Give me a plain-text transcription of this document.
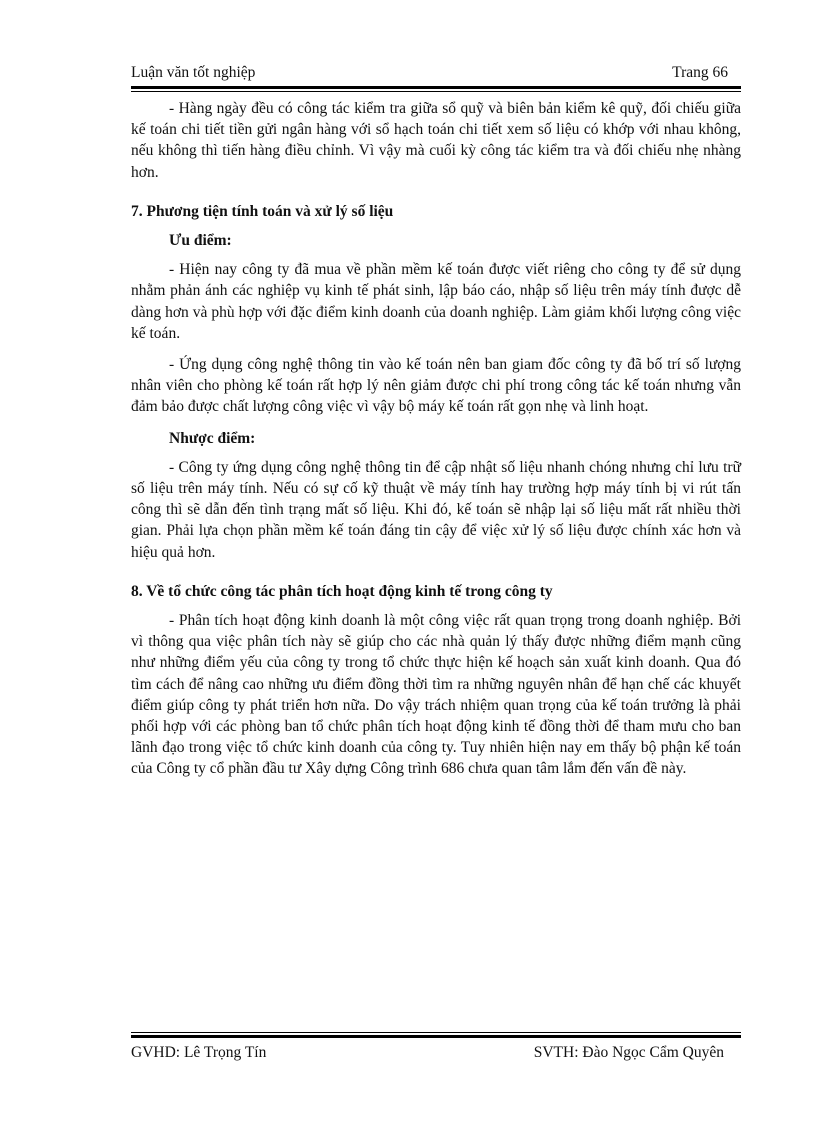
Luận văn tốt nghiệp	Trang 66

- Hàng ngày đều có công tác kiểm tra giữa sổ quỹ và biên bản kiểm kê quỹ, đối chiếu giữa kế toán chi tiết tiền gửi ngân hàng với sổ hạch toán chi tiết xem số liệu có khớp với nhau không, nếu không thì tiến hàng điều chỉnh. Vì vậy mà cuối kỳ công tác kiểm tra và đối chiếu nhẹ nhàng hơn.

7. Phương tiện tính toán và xử lý số liệu
Ưu điểm:

- Hiện nay công ty đã mua về phần mềm kế toán được viết riêng cho công ty để sử dụng nhằm phản ánh các nghiệp vụ kinh tế phát sinh, lập báo cáo, nhập số liệu trên máy tính được dễ dàng hơn và phù hợp với đặc điểm kinh doanh của doanh nghiệp. Làm giảm khối lượng công việc kế toán.

- Ứng dụng công nghệ thông tin vào kế toán nên ban giam đốc công ty đã bố trí số lượng nhân viên cho phòng kế toán rất hợp lý nên giảm được chi phí trong công tác kế toán nhưng vẫn đảm bảo được chất lượng công việc vì vậy bộ máy kế toán rất gọn nhẹ và linh hoạt.

Nhược điểm:

- Công ty ứng dụng công nghệ thông tin để cập nhật số liệu nhanh chóng nhưng chỉ lưu trữ số liệu trên máy tính. Nếu có sự cố kỹ thuật về máy tính hay trường hợp máy tính bị vi rút tấn công thì sẽ dẫn đến tình trạng mất số liệu. Khi đó, kế toán sẽ nhập lại số liệu mất rất nhiều thời gian. Phải lựa chọn phần mềm kế toán đáng tin cậy để việc xử lý số liệu được chính xác hơn và hiệu quả hơn.

8. Về tổ chức công tác phân tích hoạt động kinh tế trong công ty

- Phân tích hoạt động kinh doanh là một công việc rất quan trọng trong doanh nghiệp. Bởi vì thông qua việc phân tích này sẽ giúp cho các nhà quản lý thấy được những điểm mạnh cũng như những điểm yếu của công ty trong tổ chức thực hiện kế hoạch sản xuất kinh doanh. Qua đó tìm cách để nâng cao những ưu điểm đồng thời tìm ra những nguyên nhân để hạn chế các khuyết điểm giúp công ty phát triển hơn nữa. Do vậy trách nhiệm quan trọng của kế toán trưởng là phải phối hợp với các phòng ban tổ chức phân tích hoạt động kinh tế đồng thời để tham mưu cho ban lãnh đạo trong việc tổ chức kinh doanh của công ty. Tuy nhiên hiện nay em thấy bộ phận kế toán của Công ty cổ phần đầu tư Xây dựng Công trình 686 chưa quan tâm lắm đến vấn đề này.

GVHD: Lê Trọng Tín	SVTH: Đào Ngọc Cẩm Quyên
